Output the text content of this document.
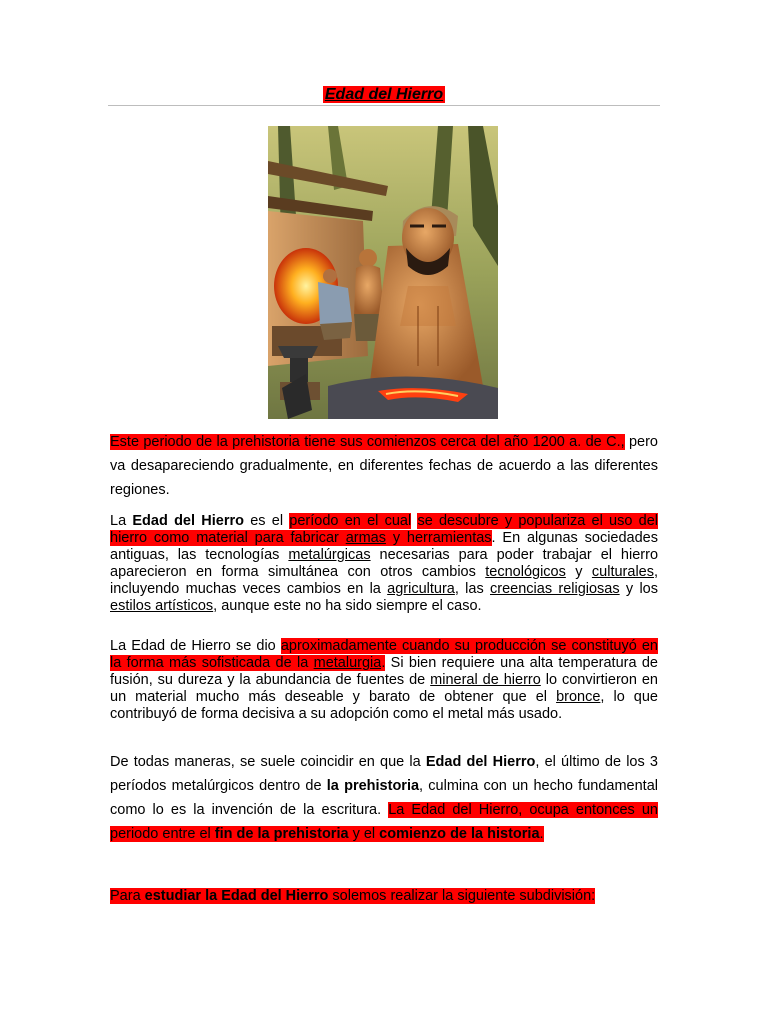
Edad del Hierro
Este periodo de la prehistoria tiene sus comienzos cerca del año 1200 a. de C., pero va desapareciendo gradualmente, en diferentes fechas de acuerdo a las diferentes regiones.
La Edad del Hierro es el período en el cual se descubre y populariza el uso del hierro como material para fabricar armas y herramientas. En algunas sociedades antiguas, las tecnologías metalúrgicas necesarias para poder trabajar el hierro aparecieron en forma simultánea con otros cambios tecnológicos y culturales, incluyendo muchas veces cambios en la agricultura, las creencias religiosas y los estilos artísticos, aunque este no ha sido siempre el caso.
La Edad de Hierro se dio aproximadamente cuando su producción se constituyó en la forma más sofisticada de la metalurgia. Si bien requiere una alta temperatura de fusión, su dureza y la abundancia de fuentes de mineral de hierro lo convirtieron en un material mucho más deseable y barato de obtener que el bronce, lo que contribuyó de forma decisiva a su adopción como el metal más usado.
De todas maneras, se suele coincidir en que la Edad del Hierro, el último de los 3 períodos metalúrgicos dentro de la prehistoria, culmina con un hecho fundamental como lo es la invención de la escritura. La Edad del Hierro, ocupa entonces un periodo entre el fin de la prehistoria y el comienzo de la historia.
Para estudiar la Edad del Hierro solemos realizar la siguiente subdivisión:
